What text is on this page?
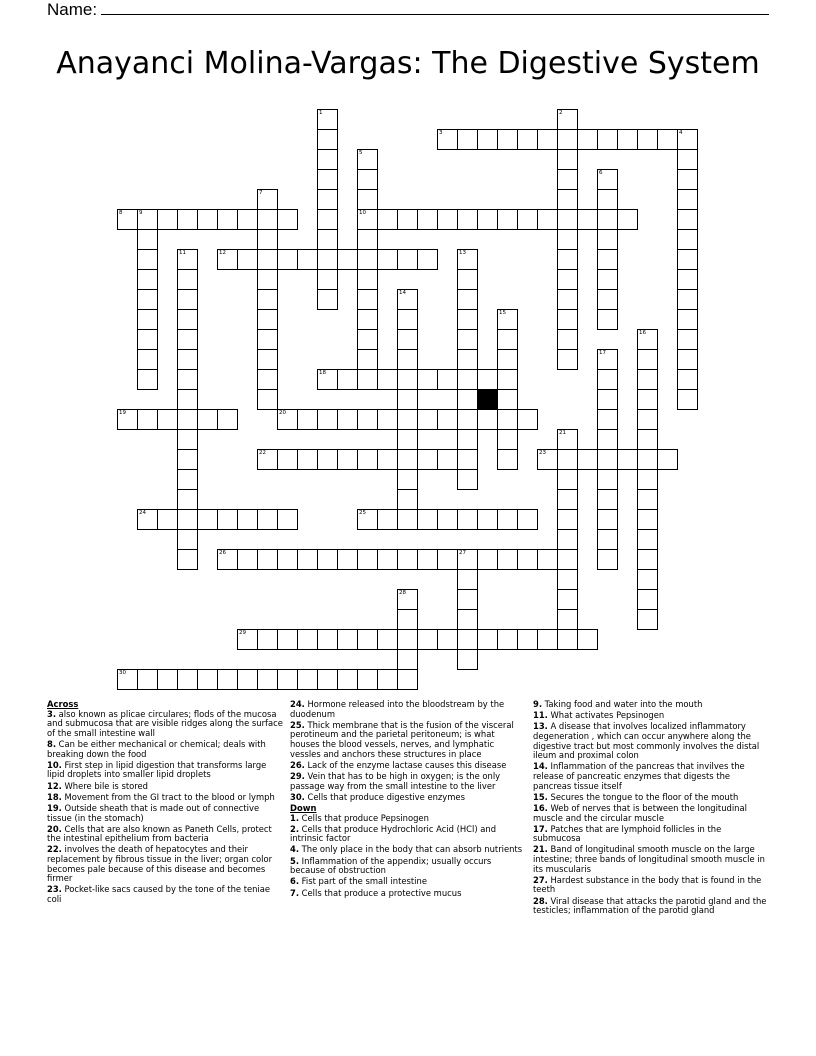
Name:
Anayanci Molina-Vargas: The Digestive System
3	4
8	9	10
12
18
19	20
22	23
24	25
26	27
29
30
1	2
5
6
7
11	13
14
15
16
17
21
28
Across
3. also known as plicae circulares; flods of the mucosa and submucosa that are visible ridges along the surface of the small intestine wall
8. Can be either mechanical or chemical; deals with breaking down the food
10. First step in lipid digestion that transforms large lipid droplets into smaller lipid droplets
12. Where bile is stored
18. Movement from the GI tract to the blood or lymph
19. Outside sheath that is made out of connective tissue (in the stomach)
20. Cells that are also known as Paneth Cells, protect the intestinal epithelium from bacteria
22. involves the death of hepatocytes and their replacement by fibrous tissue in the liver; organ color becomes pale because of this disease and becomes firmer
23. Pocket-like sacs caused by the tone of the teniae coli
24. Hormone released into the bloodstream by the duodenum
25. Thick membrane that is the fusion of the visceral perotineum and the parietal peritoneum; is what houses the blood vessels, nerves, and lymphatic vessles and anchors these structures in place
26. Lack of the enzyme lactase causes this disease
29. Vein that has to be high in oxygen; is the only passage way from the small intestine to the liver
30. Cells that produce digestive enzymes
Down
1. Cells that produce Pepsinogen
2. Cells that produce Hydrochloric Acid (HCl) and intrinsic factor
4. The only place in the body that can absorb nutrients
5. Inflammation of the appendix; usually occurs because of obstruction
6. Fist part of the small intestine
7. Cells that produce a protective mucus
9. Taking food and water into the mouth
11. What activates Pepsinogen
13. A disease that involves localized inflammatory degeneration , which can occur anywhere along the digestive tract but most commonly involves the distal ileum and proximal colon
14. Inflammation of the pancreas that invilves the release of pancreatic enzymes that digests the pancreas tissue itself
15. Secures the tongue to the floor of the mouth
16. Web of nerves that is between the longitudinal muscle and the circular muscle
17. Patches that are lymphoid follicles in the submucosa
21. Band of longitudinal smooth muscle on the large intestine; three bands of longitudinal smooth muscle in its muscularis
27. Hardest substance in the body that is found in the teeth
28. Viral disease that attacks the parotid gland and the testicles; inflammation of the parotid gland
